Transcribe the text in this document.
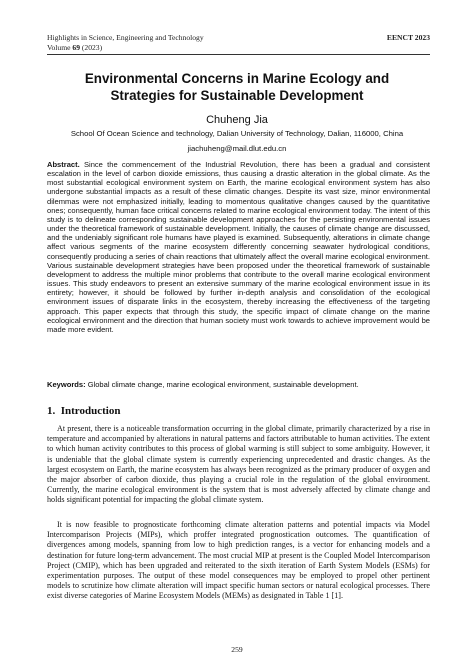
Highlights in Science, Engineering and Technology	EENCT 2023
Volume 69 (2023)
Environmental Concerns in Marine Ecology and Strategies for Sustainable Development
Chuheng Jia
School Of Ocean Science and technology, Dalian University of Technology, Dalian, 116000, China
jiachuheng@mail.dlut.edu.cn
Abstract. Since the commencement of the Industrial Revolution, there has been a gradual and consistent escalation in the level of carbon dioxide emissions, thus causing a drastic alteration in the global climate. As the most substantial ecological environment system on Earth, the marine ecological environment system has also undergone substantial impacts as a result of these climatic changes. Despite its vast size, minor environmental dilemmas were not emphasized initially, leading to momentous qualitative changes caused by the quantitative ones; consequently, human face critical concerns related to marine ecological environment today. The intent of this study is to delineate corresponding sustainable development approaches for the persisting environmental issues under the theoretical framework of sustainable development. Initially, the causes of climate change are discussed, and the undeniably significant role humans have played is examined. Subsequently, alterations in climate change affect various segments of the marine ecosystem differently concerning seawater hydrological conditions, consequently producing a series of chain reactions that ultimately affect the overall marine ecological environment. Various sustainable development strategies have been proposed under the theoretical framework of sustainable development to address the multiple minor problems that contribute to the overall marine ecological environment issues. This study endeavors to present an extensive summary of the marine ecological environment issue in its entirety; however, it should be followed by further in-depth analysis and consolidation of the ecological environment issues of disparate links in the ecosystem, thereby increasing the effectiveness of the targeting approach. This paper expects that through this study, the specific impact of climate change on the marine ecological environment and the direction that human society must work towards to achieve improvement would be made more evident.
Keywords: Global climate change, marine ecological environment, sustainable development.
1.  Introduction

At present, there is a noticeable transformation occurring in the global climate, primarily characterized by a rise in temperature and accompanied by alterations in natural patterns and factors attributable to human activities. The extent to which human activity contributes to this process of global warming is still subject to some ambiguity. However, it is undeniable that the global climate system is currently experiencing unprecedented and drastic changes. As the largest ecosystem on Earth, the marine ecosystem has always been recognized as the primary producer of oxygen and the major absorber of carbon dioxide, thus playing a crucial role in the regulation of the global environment. Currently, the marine ecological environment is the system that is most adversely affected by climate change and holds significant potential for impacting the global climate system.

It is now feasible to prognosticate forthcoming climate alteration patterns and potential impacts via Model Intercomparison Projects (MIPs), which proffer integrated prognostication outcomes. The quantification of divergences among models, spanning from low to high prediction ranges, is a vector for enhancing models and a destination for future long-term advancement. The most crucial MIP at present is the Coupled Model Intercomparison Project (CMIP), which has been upgraded and reiterated to the sixth iteration of Earth System Models (ESMs) for experimentation purposes. The output of these model consequences may be employed to propel other pertinent models to scrutinize how climate alteration will impact specific human sectors or natural ecological processes. There exist diverse categories of Marine Ecosystem Models (MEMs) as designated in Table 1 [1].

259
